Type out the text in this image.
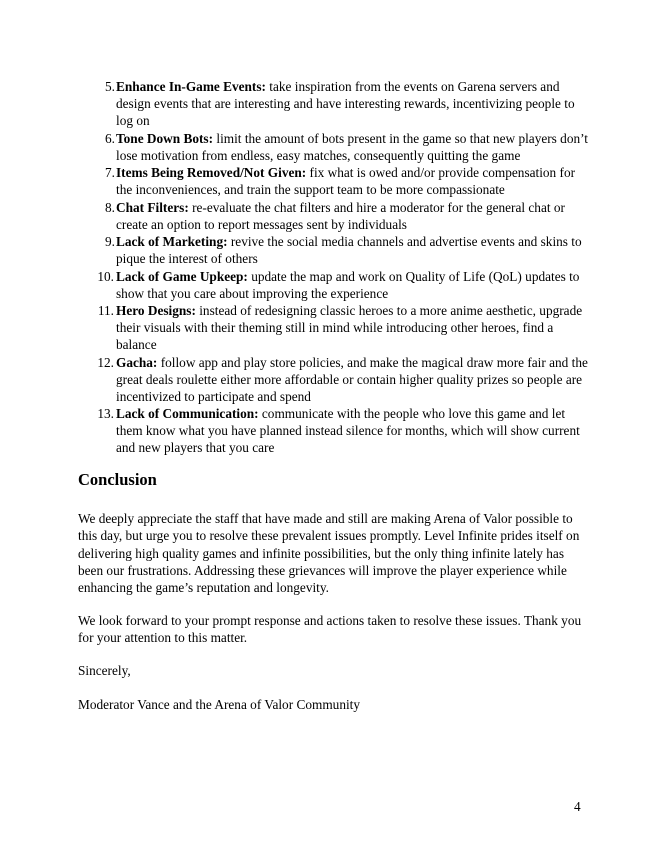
5. Enhance In-Game Events: take inspiration from the events on Garena servers and design events that are interesting and have interesting rewards, incentivizing people to log on
6. Tone Down Bots: limit the amount of bots present in the game so that new players don’t lose motivation from endless, easy matches, consequently quitting the game
7. Items Being Removed/Not Given: fix what is owed and/or provide compensation for the inconveniences, and train the support team to be more compassionate
8. Chat Filters: re-evaluate the chat filters and hire a moderator for the general chat or create an option to report messages sent by individuals
9. Lack of Marketing: revive the social media channels and advertise events and skins to pique the interest of others
10. Lack of Game Upkeep: update the map and work on Quality of Life (QoL) updates to show that you care about improving the experience
11. Hero Designs: instead of redesigning classic heroes to a more anime aesthetic, upgrade their visuals with their theming still in mind while introducing other heroes, find a balance
12. Gacha: follow app and play store policies, and make the magical draw more fair and the great deals roulette either more affordable or contain higher quality prizes so people are incentivized to participate and spend
13. Lack of Communication: communicate with the people who love this game and let them know what you have planned instead silence for months, which will show current and new players that you care
Conclusion

We deeply appreciate the staff that have made and still are making Arena of Valor possible to this day, but urge you to resolve these prevalent issues promptly. Level Infinite prides itself on delivering high quality games and infinite possibilities, but the only thing infinite lately has been our frustrations. Addressing these grievances will improve the player experience while enhancing the game’s reputation and longevity.

We look forward to your prompt response and actions taken to resolve these issues. Thank you for your attention to this matter.

Sincerely,

Moderator Vance and the Arena of Valor Community

4
